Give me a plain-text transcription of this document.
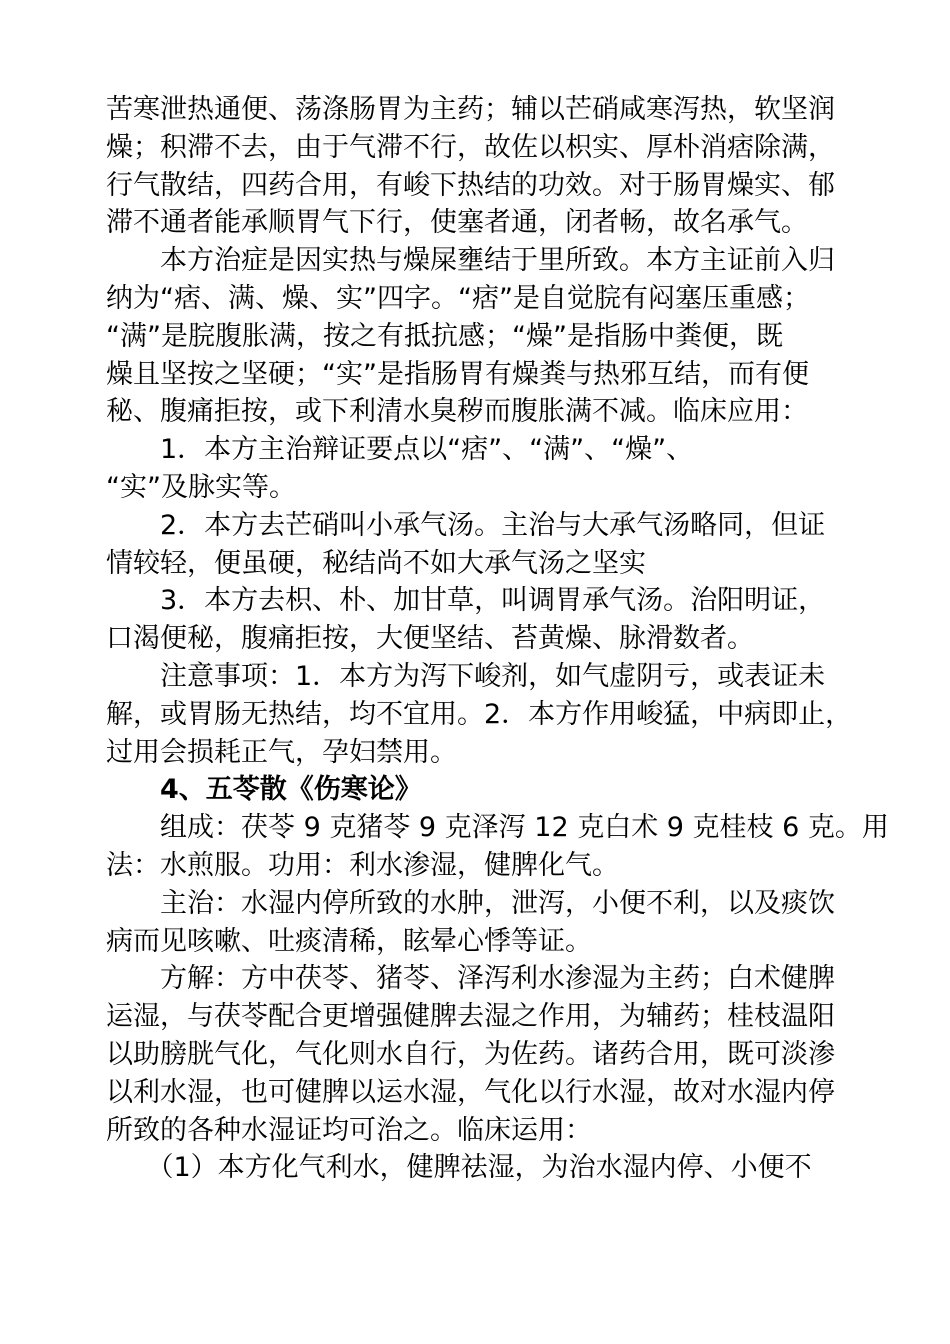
苦寒泄热通便、荡涤肠胃为主药；辅以芒硝咸寒泻热，软坚润
燥；积滞不去，由于气滞不行，故佐以枳实、厚朴消痞除满，
行气散结，四药合用，有峻下热结的功效。对于肠胃燥实、郁
滞不通者能承顺胃气下行，使塞者通，闭者畅，故名承气。
　　本方治症是因实热与燥屎壅结于里所致。本方主证前入归
纳为“痞、满、燥、实”四字。“痞”是自觉脘有闷塞压重感；
“满”是脘腹胀满，按之有抵抗感；“燥”是指肠中粪便，既
燥且坚按之坚硬；“实”是指肠胃有燥粪与热邪互结，而有便
秘、腹痛拒按，或下利清水臭秽而腹胀满不减。临床应用：
　　1．本方主治辩证要点以“痞”、“满”、“燥”、
“实”及脉实等。
　　2．本方去芒硝叫小承气汤。主治与大承气汤略同，但证
情较轻，便虽硬，秘结尚不如大承气汤之坚实
　　3．本方去枳、朴、加甘草，叫调胃承气汤。治阳明证，
口渴便秘，腹痛拒按，大便坚结、苔黄燥、脉滑数者。
　　注意事项：1．本方为泻下峻剂，如气虚阴亏，或表证未
解，或胃肠无热结，均不宜用。2．本方作用峻猛，中病即止，
过用会损耗正气，孕妇禁用。
　　4、五苓散《伤寒论》
　　组成：茯苓 9 克猪苓 9 克泽泻 12 克白术 9 克桂枝 6 克。用
法：水煎服。功用：利水渗湿，健脾化气。
　　主治：水湿内停所致的水肿，泄泻，小便不利，以及痰饮
病而见咳嗽、吐痰清稀，眩晕心悸等证。
　　方解：方中茯苓、猪苓、泽泻利水渗湿为主药；白术健脾
运湿，与茯苓配合更增强健脾去湿之作用，为辅药；桂枝温阳
以助膀胱气化，气化则水自行，为佐药。诸药合用，既可淡渗
以利水湿，也可健脾以运水湿，气化以行水湿，故对水湿内停
所致的各种水湿证均可治之。临床运用：
　　（1）本方化气利水，健脾祛湿，为治水湿内停、小便不
